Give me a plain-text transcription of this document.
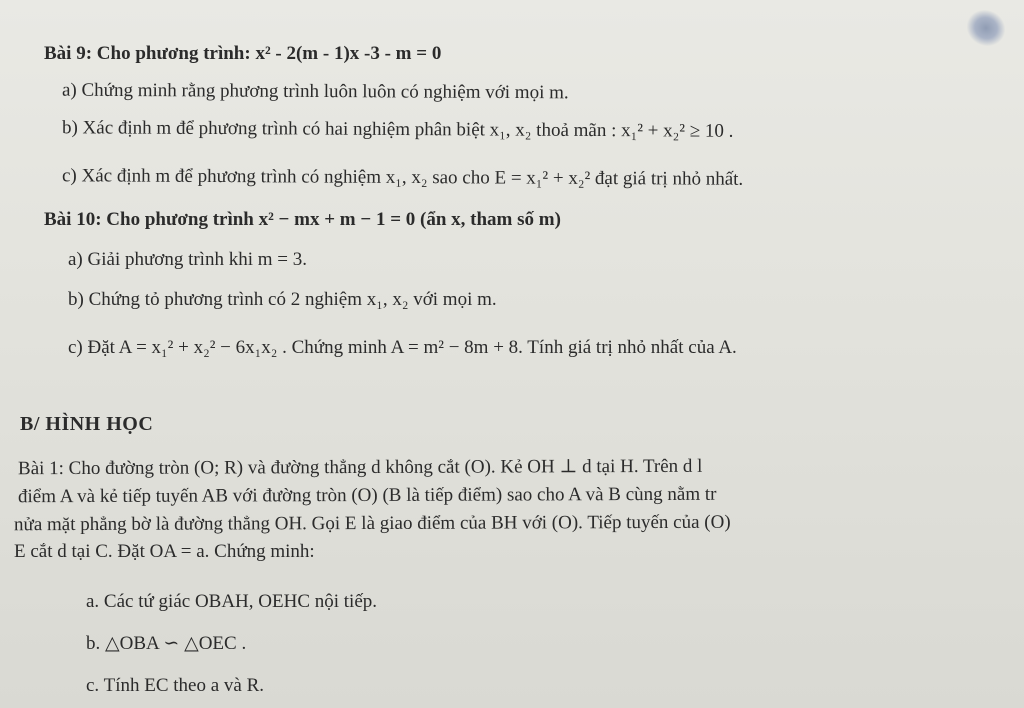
Bài 9: Cho phương trình: x² - 2(m - 1)x -3 - m = 0
a) Chứng minh rằng phương trình luôn luôn có nghiệm với mọi m.
b) Xác định m để phương trình có hai nghiệm phân biệt x₁, x₂ thoả mãn : x₁² + x₂² ≥ 10 .
c) Xác định m để phương trình có nghiệm x₁, x₂ sao cho E = x₁² + x₂² đạt giá trị nhỏ nhất.
Bài 10: Cho phương trình x² − mx + m − 1 = 0 (ẩn x, tham số m)
a) Giải phương trình khi m = 3.
b) Chứng tỏ phương trình có 2 nghiệm x₁, x₂ với mọi m.
c) Đặt A = x₁² + x₂² − 6x₁x₂ . Chứng minh A = m² − 8m + 8. Tính giá trị nhỏ nhất của A.
B/ HÌNH HỌC
Bài 1: Cho đường tròn (O; R) và đường thẳng d không cắt (O). Kẻ OH ⊥ d tại H. Trên d l
điểm A và kẻ tiếp tuyến AB với đường tròn (O) (B là tiếp điểm) sao cho A và B cùng nằm tr
nửa mặt phẳng bờ là đường thẳng OH. Gọi E là giao điểm của BH với (O). Tiếp tuyến của (O)
E cắt d tại C. Đặt OA = a. Chứng minh:
a. Các tứ giác OBAH, OEHC nội tiếp.
b. △OBA ∽ △OEC .
c. Tính EC theo a và R.
